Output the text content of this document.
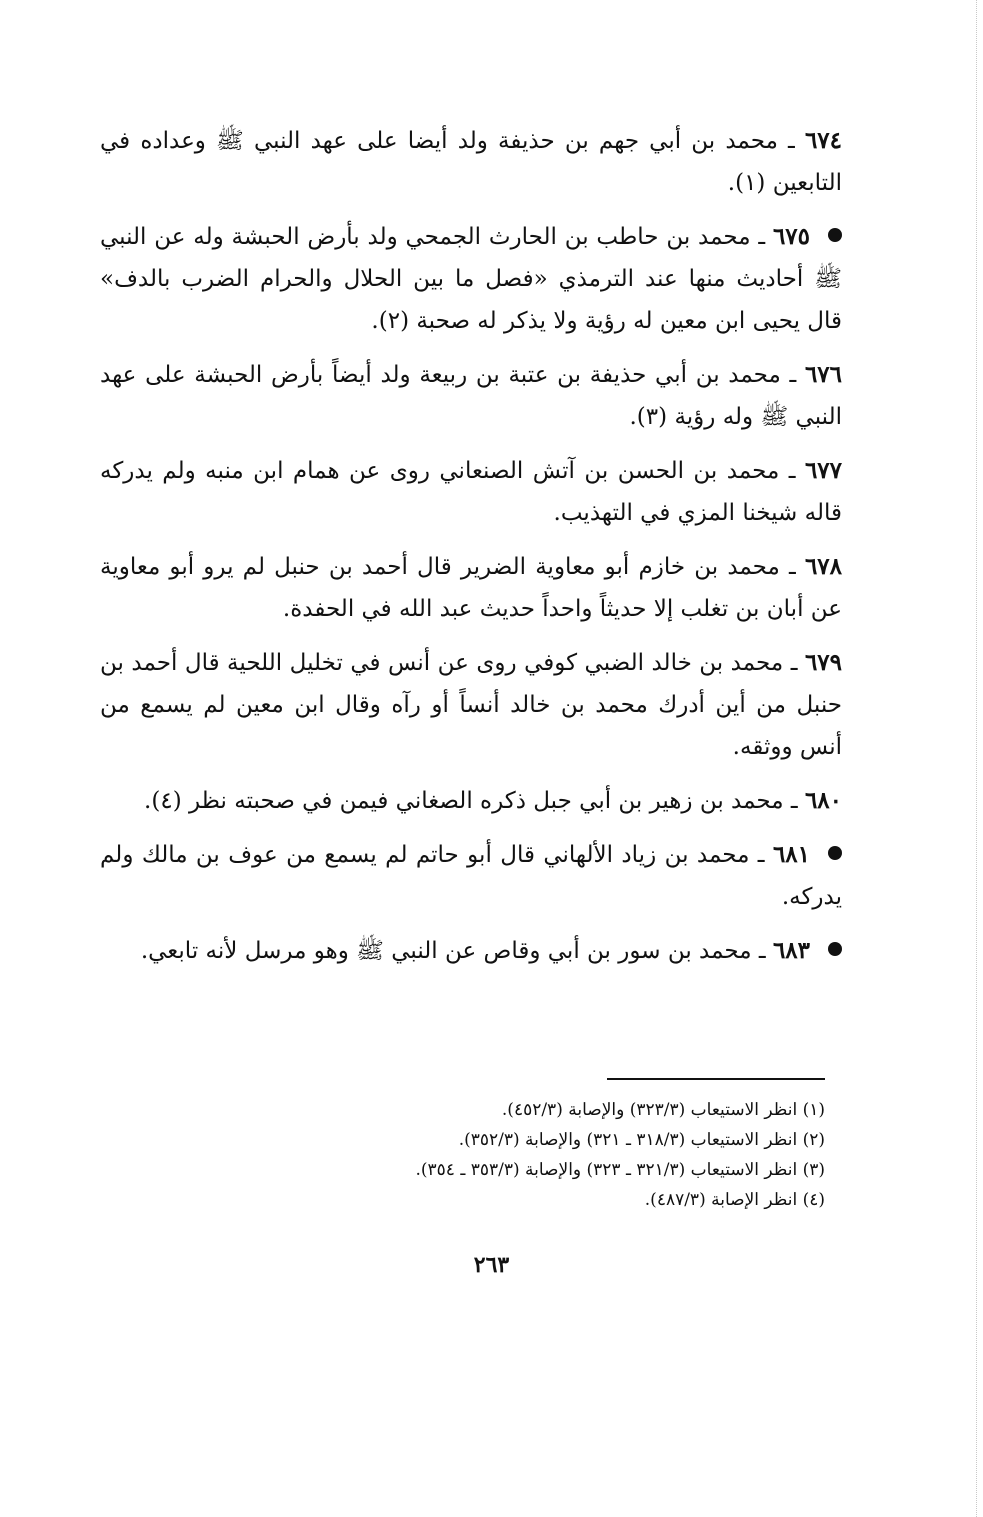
٦٧٤ ـ محمد بن أبي جهم بن حذيفة ولد أيضا على عهد النبي ﷺ وعداده في التابعين (١).

٦٧٥ ـ محمد بن حاطب بن الحارث الجمحي ولد بأرض الحبشة وله عن النبي ﷺ أحاديث منها عند الترمذي «فصل ما بين الحلال والحرام الضرب بالدف» قال يحيى ابن معين له رؤية ولا يذكر له صحبة (٢).

٦٧٦ ـ محمد بن أبي حذيفة بن عتبة بن ربيعة ولد أيضاً بأرض الحبشة على عهد النبي ﷺ وله رؤية (٣).

٦٧٧ ـ محمد بن الحسن بن آتش الصنعاني روى عن همام ابن منبه ولم يدركه قاله شيخنا المزي في التهذيب.

٦٧٨ ـ محمد بن خازم أبو معاوية الضرير قال أحمد بن حنبل لم يرو أبو معاوية عن أبان بن تغلب إلا حديثاً واحداً حديث عبد الله في الحفدة.

٦٧٩ ـ محمد بن خالد الضبي كوفي روى عن أنس في تخليل اللحية قال أحمد بن حنبل من أين أدرك محمد بن خالد أنساً أو رآه وقال ابن معين لم يسمع من أنس ووثقه.

٦٨٠ ـ محمد بن زهير بن أبي جبل ذكره الصغاني فيمن في صحبته نظر (٤).

٦٨١ ـ محمد بن زياد الألهاني قال أبو حاتم لم يسمع من عوف بن مالك ولم يدركه.

٦٨٣ ـ محمد بن سور بن أبي وقاص عن النبي ﷺ وهو مرسل لأنه تابعي.

(١) انظر الاستيعاب (٣٢٣/٣) والإصابة (٤٥٢/٣).

(٢) انظر الاستيعاب (٣١٨/٣ ـ ٣٢١) والإصابة (٣٥٢/٣).

(٣) انظر الاستيعاب (٣٢١/٣ ـ ٣٢٣) والإصابة (٣٥٣/٣ ـ ٣٥٤).

(٤) انظر الإصابة (٤٨٧/٣).

٢٦٣
